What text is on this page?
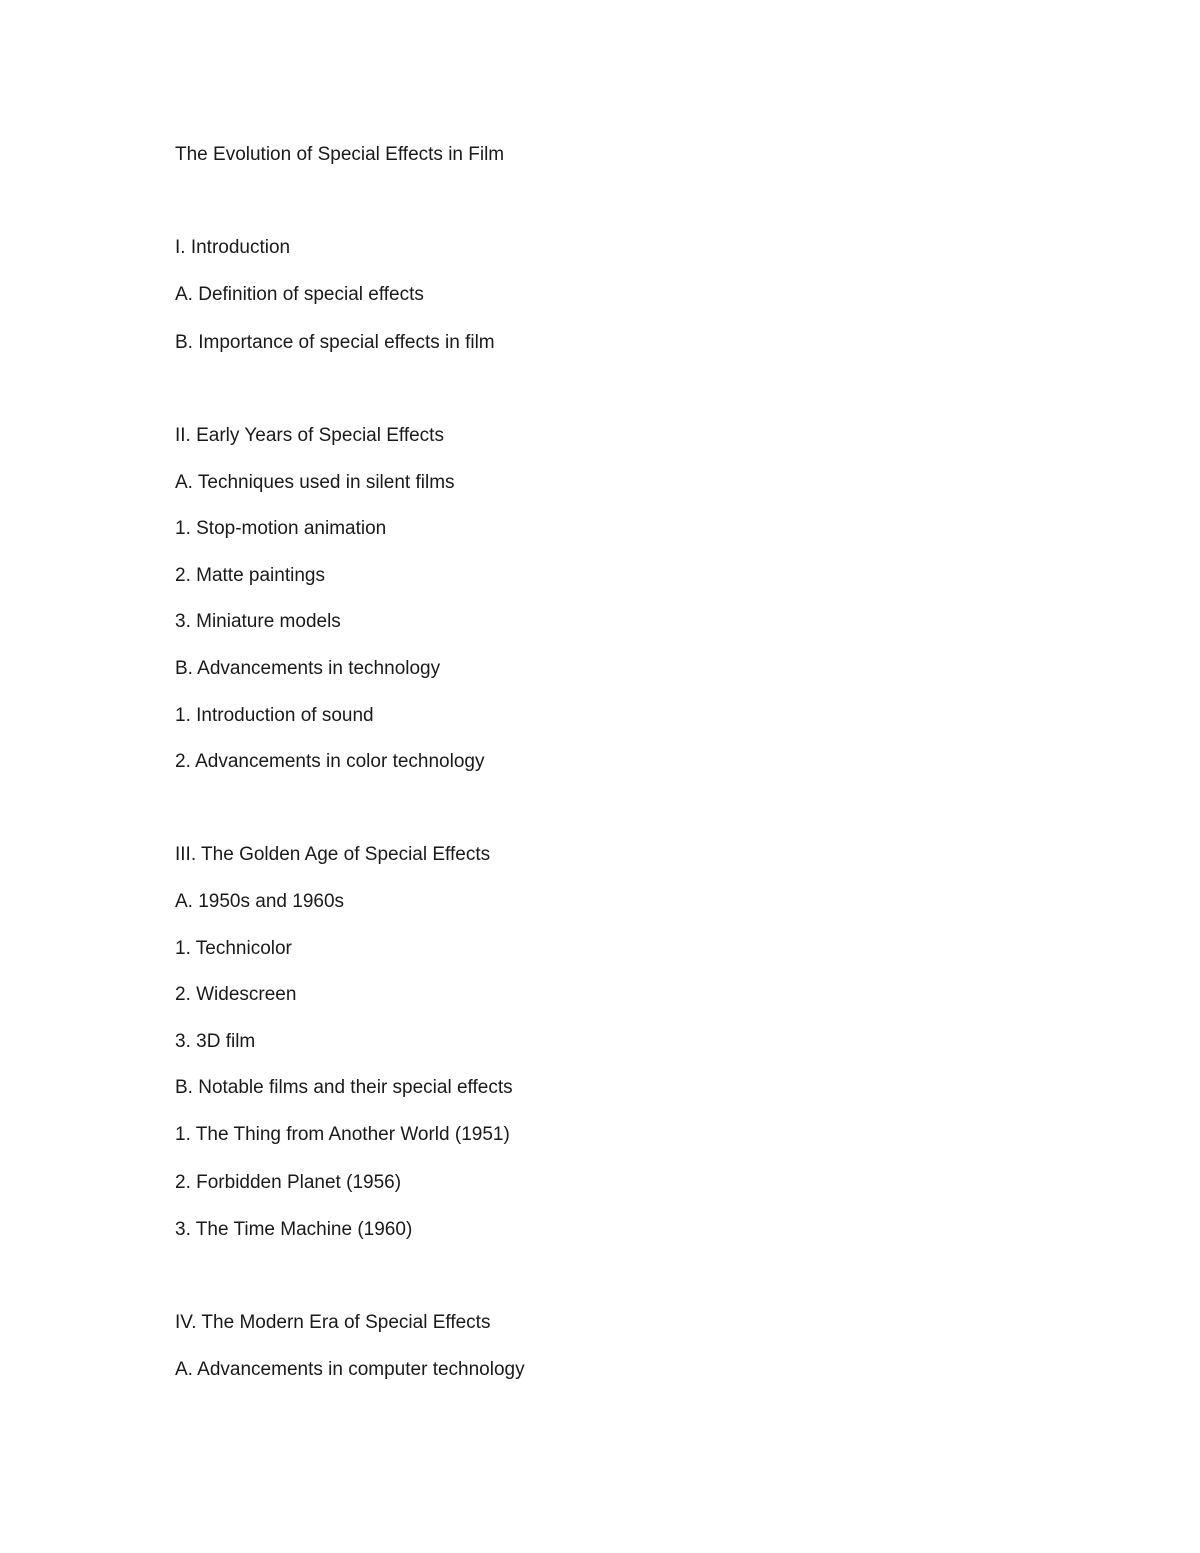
The Evolution of Special Effects in Film

I. Introduction

A. Definition of special effects

B. Importance of special effects in film

II. Early Years of Special Effects

A. Techniques used in silent films

1. Stop-motion animation

2. Matte paintings

3. Miniature models

B. Advancements in technology

1. Introduction of sound

2. Advancements in color technology

III. The Golden Age of Special Effects

A. 1950s and 1960s

1. Technicolor

2. Widescreen

3. 3D film

B. Notable films and their special effects

1. The Thing from Another World (1951)

2. Forbidden Planet (1956)

3. The Time Machine (1960)

IV. The Modern Era of Special Effects

A. Advancements in computer technology
